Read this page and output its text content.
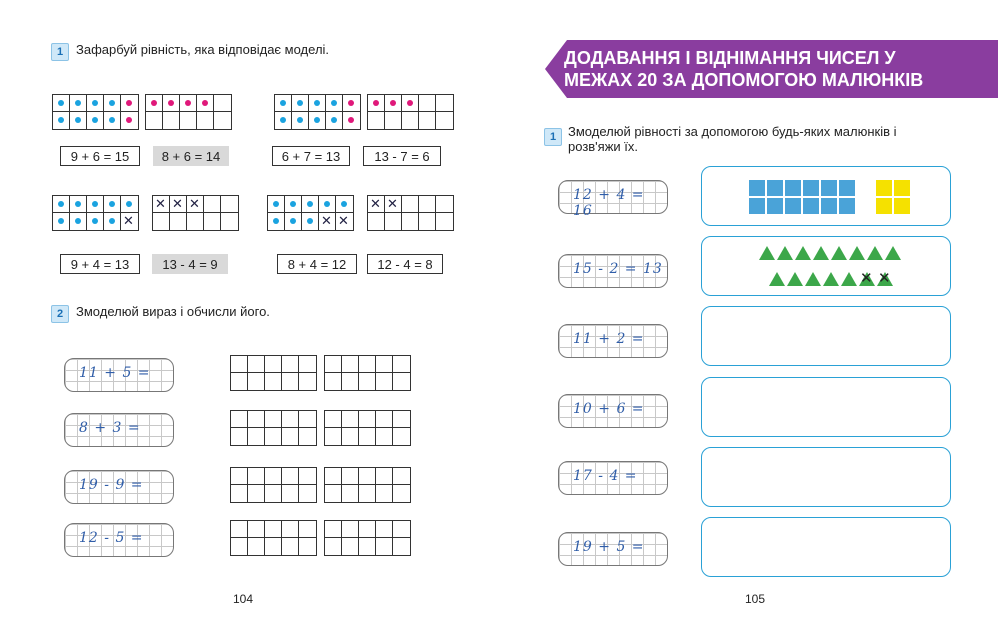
1 Зафарбуй рівність, яка відповідає моделі.
✕
✕ ✕ ✕
✕ ✕
✕ ✕
9 + 6 = 15	8 + 6 = 14	6 + 7 = 13	13 - 7 = 6
9 + 4 = 13	13 - 4 = 9	8 + 4 = 12	12 - 4 = 8
2 Змоделюй вираз і обчисли його.
11 + 5 =
8 + 3 =
19 - 9 =
12 - 5 =
104
ДОДАВАННЯ І ВІДНІМАННЯ ЧИСЕЛ У
МЕЖАХ 20 ЗА ДОПОМОГОЮ МАЛЮНКІВ
1 Змоделюй рівності за допомогою будь-яких малюнків і
розв'яжи їх.
12 + 4 = 16
15 - 2 = 13
11 + 2 =
10 + 6 =
17 - 4 =
19 + 5 =
✕ ✕
105
